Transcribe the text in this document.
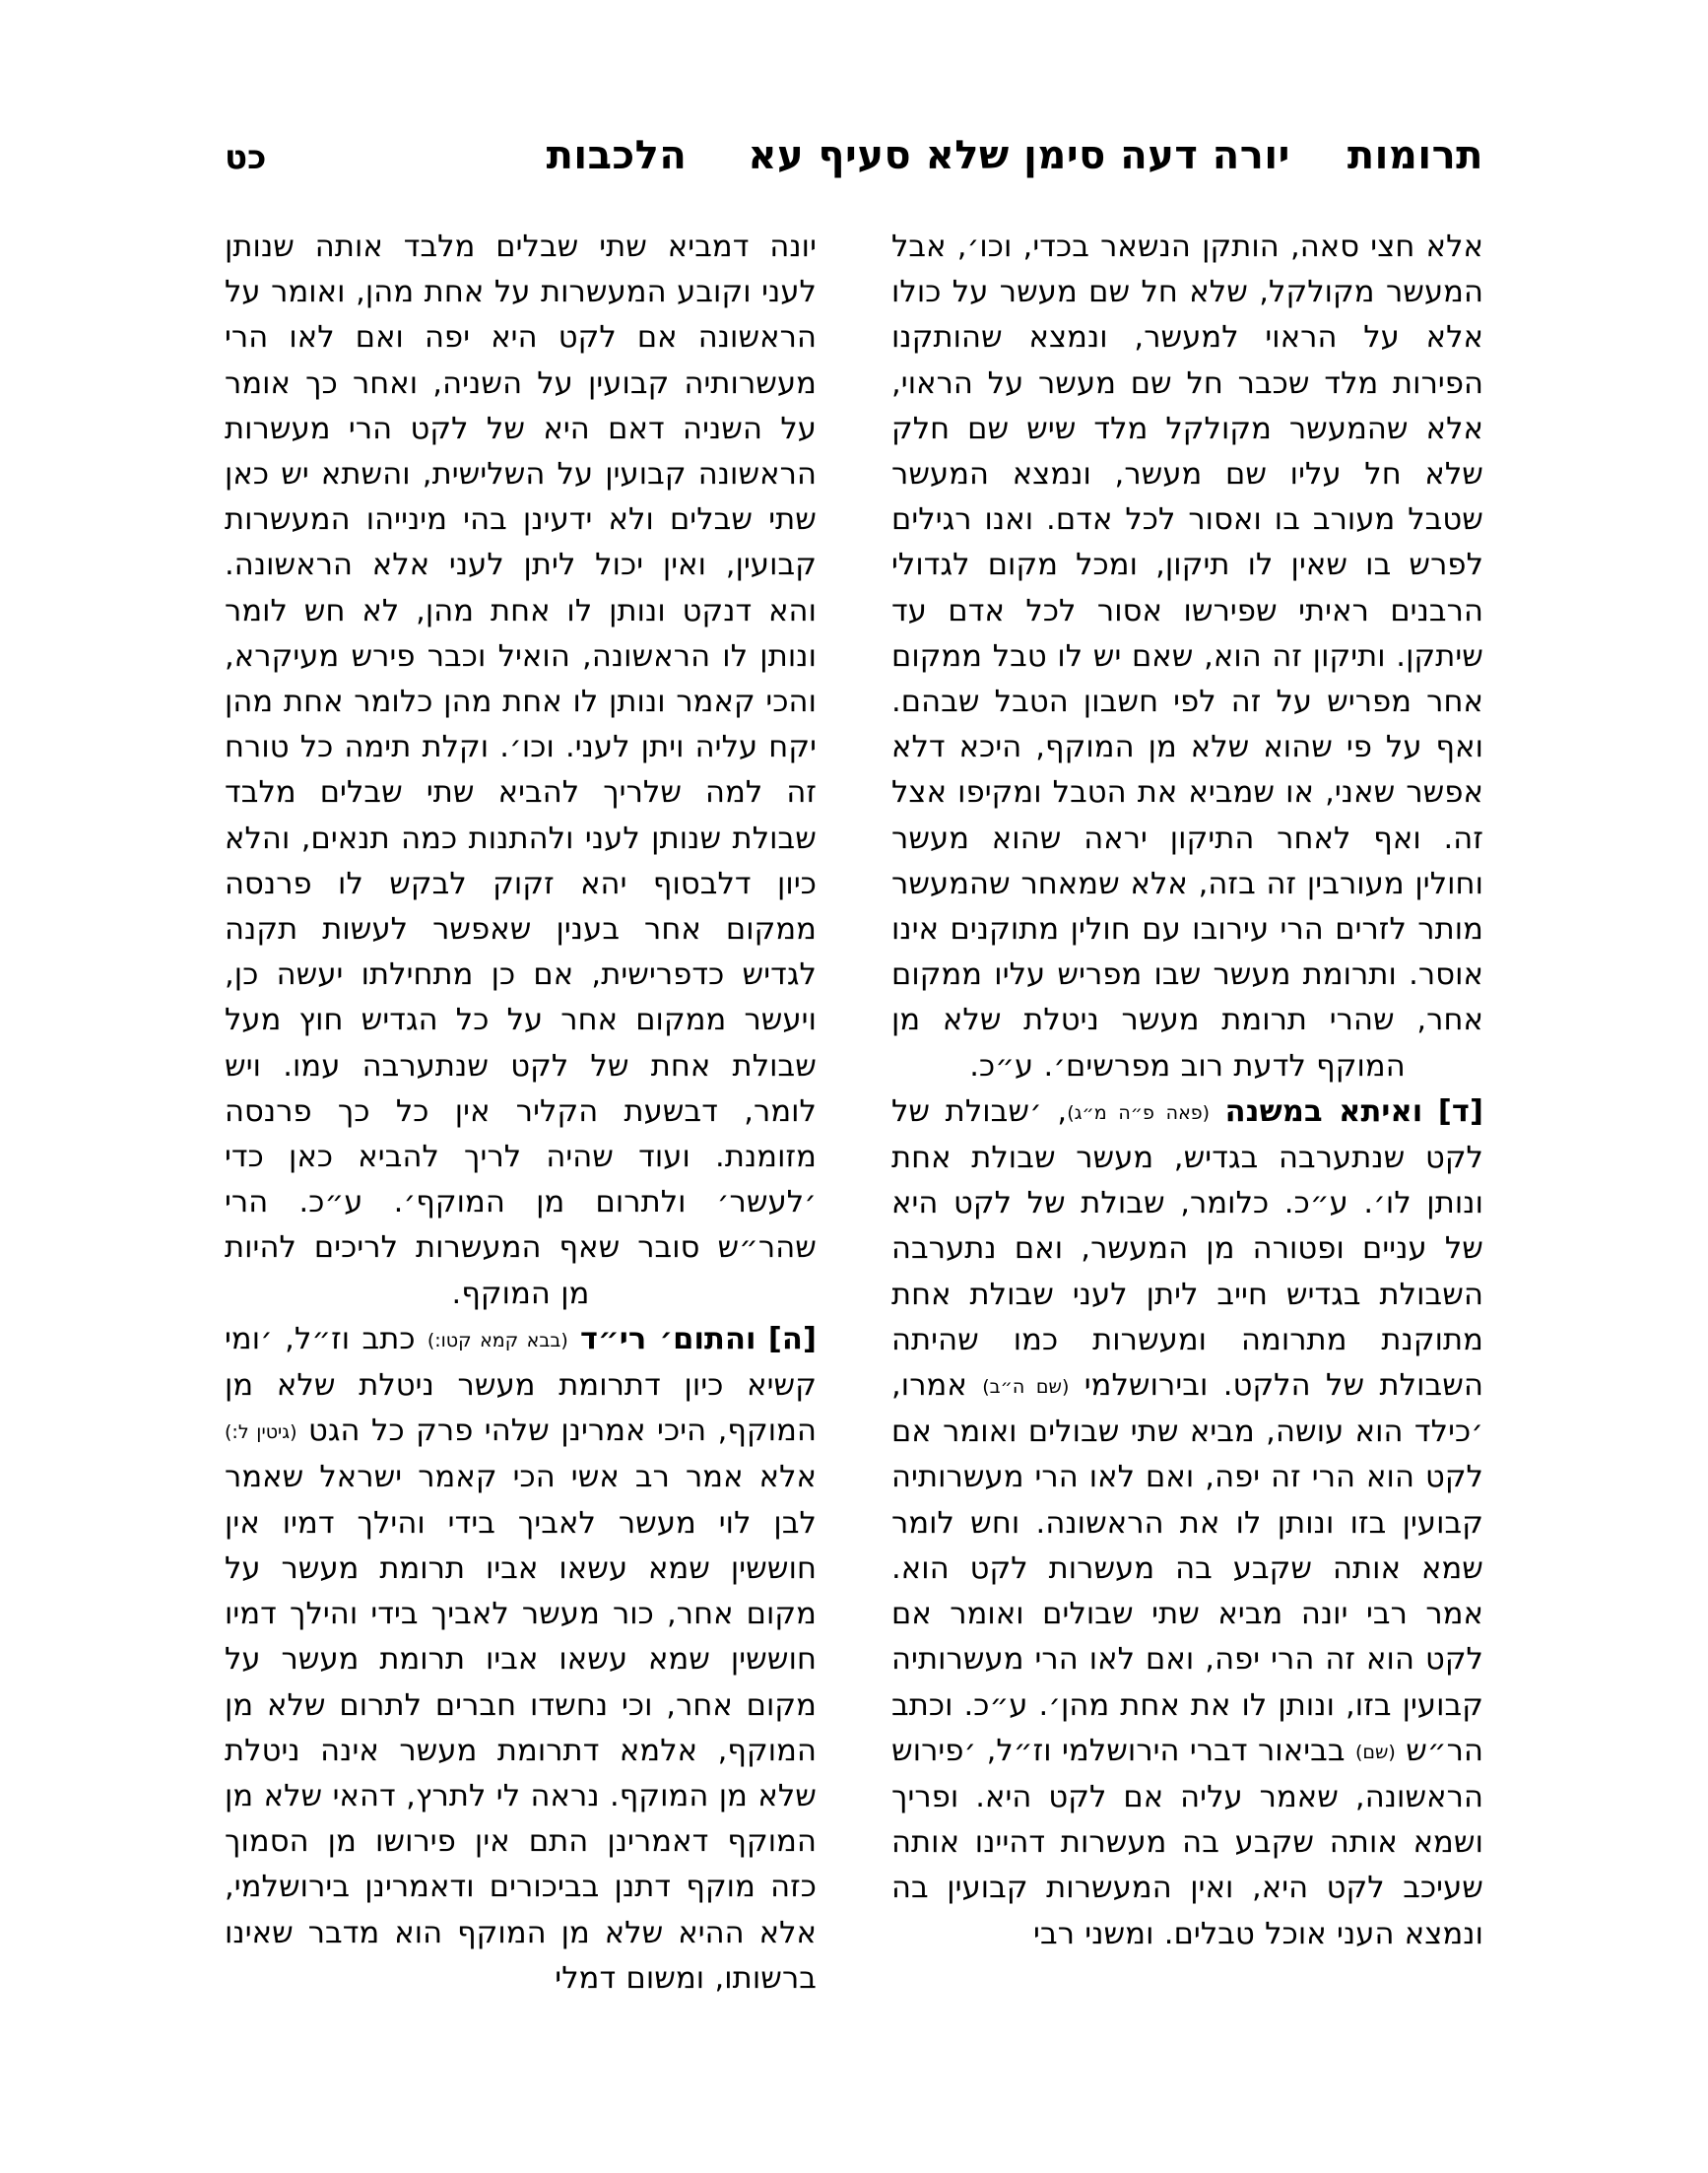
תרומות
יורה דעה סימן שלא סעיף עא
הלכבות
כט

אלא חצי סאה, הותקן הנשאר בכדי, וכו׳, אבל המעשר מקולקל, שלא חל שם מעשר על כולו אלא על הראוי למעשר, ונמצא שהותקנו הפירות מלד שכבר חל שם מעשר על הראוי, אלא שהמעשר מקולקל מלד שיש שם חלק שלא חל עליו שם מעשר, ונמצא המעשר שטבל מעורב בו ואסור לכל אדם. ואנו רגילים לפרש בו שאין לו תיקון, ומכל מקום לגדולי הרבנים ראיתי שפירשו אסור לכל אדם עד שיתקן. ותיקון זה הוא, שאם יש לו טבל ממקום אחר מפריש על זה לפי חשבון הטבל שבהם. ואף על פי שהוא שלא מן המוקף, היכא דלא אפשר שאני, או שמביא את הטבל ומקיפו אצל זה. ואף לאחר התיקון יראה שהוא מעשר וחולין מעורבין זה בזה, אלא שמאחר שהמעשר מותר לזרים הרי עירובו עם חולין מתוקנים אינו אוסר. ותרומת מעשר שבו מפריש עליו ממקום אחר, שהרי תרומת מעשר ניטלת שלא מן המוקף לדעת רוב מפרשים׳. ע״כ.

[ד] ואיתא במשנה (פאה פ״ה מ״ג), ׳שבולת של לקט שנתערבה בגדיש, מעשר שבולת אחת ונותן לו׳. ע״כ. כלומר, שבולת של לקט היא של עניים ופטורה מן המעשר, ואם נתערבה השבולת בגדיש חייב ליתן לעני שבולת אחת מתוקנת מתרומה ומעשרות כמו שהיתה השבולת של הלקט. ובירושלמי (שם ה״ב) אמרו, ׳כילד הוא עושה, מביא שתי שבולים ואומר אם לקט הוא הרי זה יפה, ואם לאו הרי מעשרותיה קבועין בזו ונותן לו את הראשונה. וחש לומר שמא אותה שקבע בה מעשרות לקט הוא. אמר רבי יונה מביא שתי שבולים ואומר אם לקט הוא זה הרי יפה, ואם לאו הרי מעשרותיה קבועין בזו, ונותן לו את אחת מהן׳. ע״כ. וכתב הר״ש (שם) בביאור דברי הירושלמי וז״ל, ׳פירוש הראשונה, שאמר עליה אם לקט היא. ופריך ושמא אותה שקבע בה מעשרות דהיינו אותה שעיכב לקט היא, ואין המעשרות קבועין בה ונמצא העני אוכל טבלים. ומשני רבי

יונה דמביא שתי שבלים מלבד אותה שנותן לעני וקובע המעשרות על אחת מהן, ואומר על הראשונה אם לקט היא יפה ואם לאו הרי מעשרותיה קבועין על השניה, ואחר כך אומר על השניה דאם היא של לקט הרי מעשרות הראשונה קבועין על השלישית, והשתא יש כאן שתי שבלים ולא ידעינן בהי מינייהו המעשרות קבועין, ואין יכול ליתן לעני אלא הראשונה. והא דנקט ונותן לו אחת מהן, לא חש לומר ונותן לו הראשונה, הואיל וכבר פירש מעיקרא, והכי קאמר ונותן לו אחת מהן כלומר אחת מהן יקח עליה ויתן לעני. וכו׳. וקלת תימה כל טורח זה למה שלריך להביא שתי שבלים מלבד שבולת שנותן לעני ולהתנות כמה תנאים, והלא כיון דלבסוף יהא זקוק לבקש לו פרנסה ממקום אחר בענין שאפשר לעשות תקנה לגדיש כדפרישית, אם כן מתחילתו יעשה כן, ויעשר ממקום אחר על כל הגדיש חוץ מעל שבולת אחת של לקט שנתערבה עמו. ויש לומר, דבשעת הקליר אין כל כך פרנסה מזומנת. ועוד שהיה לריך להביא כאן כדי ׳לעשר׳ ולתרום מן המוקף׳. ע״כ. הרי שהר״ש סובר שאף המעשרות לריכים להיות מן המוקף.

[ה] והתום׳ רי״ד (בבא קמא קטו:) כתב וז״ל, ׳ומי קשיא כיון דתרומת מעשר ניטלת שלא מן המוקף, היכי אמרינן שלהי פרק כל הגט (גיטין ל:) אלא אמר רב אשי הכי קאמר ישראל שאמר לבן לוי מעשר לאביך בידי והילך דמיו אין חוששין שמא עשאו אביו תרומת מעשר על מקום אחר, כור מעשר לאביך בידי והילך דמיו חוששין שמא עשאו אביו תרומת מעשר על מקום אחר, וכי נחשדו חברים לתרום שלא מן המוקף, אלמא דתרומת מעשר אינה ניטלת שלא מן המוקף. נראה לי לתרץ, דהאי שלא מן המוקף דאמרינן התם אין פירושו מן הסמוך כזה מוקף דתנן בביכורים ודאמרינן בירושלמי, אלא ההיא שלא מן המוקף הוא מדבר שאינו ברשותו, ומשום דמלי
